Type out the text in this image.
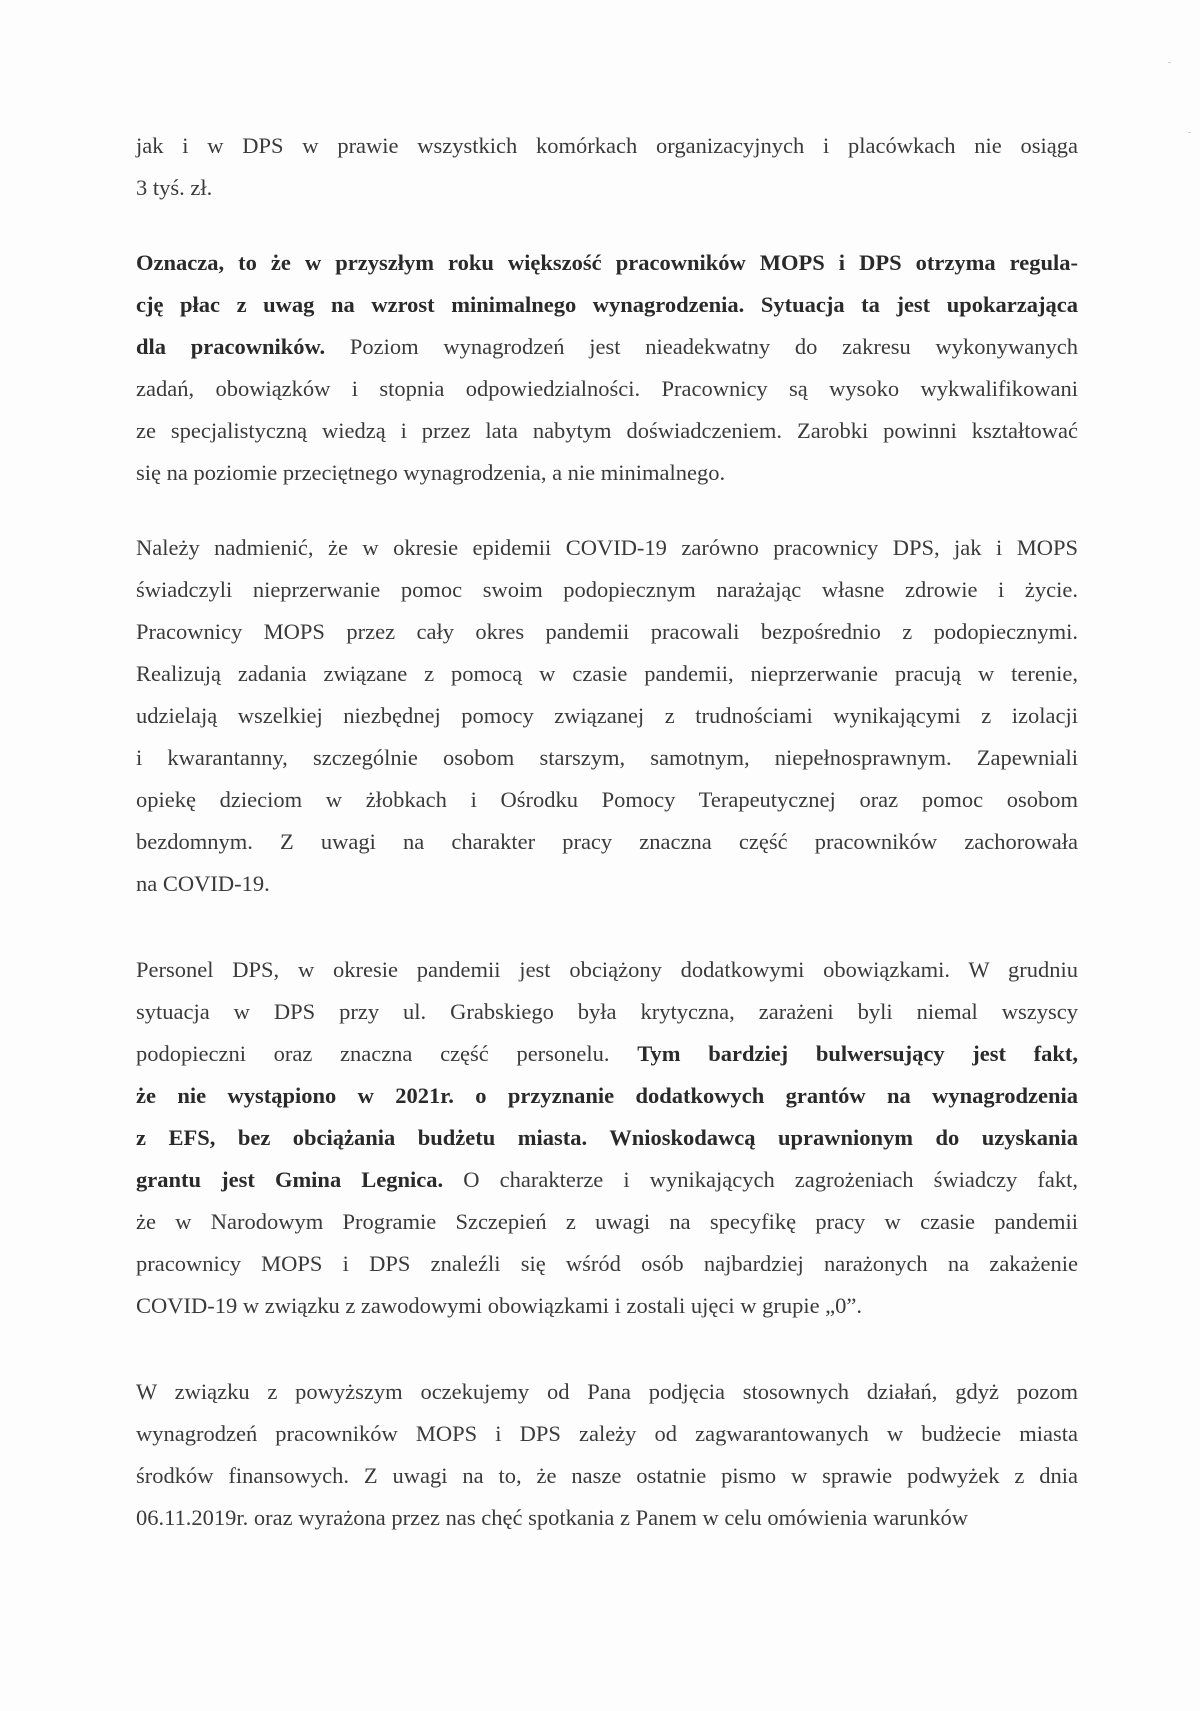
jak i w DPS w prawie wszystkich komórkach organizacyjnych i placówkach nie osiąga
3 tyś. zł.
Oznacza, to że w przyszłym roku większość pracowników MOPS i DPS otrzyma regula-
cję płac z uwag na wzrost minimalnego wynagrodzenia. Sytuacja ta jest upokarzająca
dla pracowników. Poziom wynagrodzeń jest nieadekwatny do zakresu wykonywanych
zadań, obowiązków i stopnia odpowiedzialności. Pracownicy są wysoko wykwalifikowani
ze specjalistyczną wiedzą i przez lata nabytym doświadczeniem. Zarobki powinni kształtować
się na poziomie przeciętnego wynagrodzenia, a nie minimalnego.
Należy nadmienić, że w okresie epidemii COVID-19 zarówno pracownicy DPS, jak i MOPS
świadczyli nieprzerwanie pomoc swoim podopiecznym narażając własne zdrowie i życie.
Pracownicy MOPS przez cały okres pandemii pracowali bezpośrednio z podopiecznymi.
Realizują zadania związane z pomocą w czasie pandemii, nieprzerwanie pracują w terenie,
udzielają wszelkiej niezbędnej pomocy związanej z trudnościami wynikającymi z izolacji
i kwarantanny, szczególnie osobom starszym, samotnym, niepełnosprawnym. Zapewniali
opiekę dzieciom w żłobkach i Ośrodku Pomocy Terapeutycznej oraz pomoc osobom
bezdomnym. Z uwagi na charakter pracy znaczna część pracowników zachorowała
na COVID-19.
Personel DPS, w okresie pandemii jest obciążony dodatkowymi obowiązkami. W grudniu
sytuacja w DPS przy ul. Grabskiego była krytyczna, zarażeni byli niemal wszyscy
podopieczni oraz znaczna część personelu. Tym bardziej bulwersujący jest fakt,
że nie wystąpiono w 2021r. o przyznanie dodatkowych grantów na wynagrodzenia
z EFS, bez obciążania budżetu miasta. Wnioskodawcą uprawnionym do uzyskania
grantu jest Gmina Legnica. O charakterze i wynikających zagrożeniach świadczy fakt,
że w Narodowym Programie Szczepień z uwagi na specyfikę pracy w czasie pandemii
pracownicy MOPS i DPS znaleźli się wśród osób najbardziej narażonych na zakażenie
COVID-19 w związku z zawodowymi obowiązkami i zostali ujęci w grupie „0”.
W związku z powyższym oczekujemy od Pana podjęcia stosownych działań, gdyż pozom
wynagrodzeń pracowników MOPS i DPS zależy od zagwarantowanych w budżecie miasta
środków finansowych. Z uwagi na to, że nasze ostatnie pismo w sprawie podwyżek z dnia
06.11.2019r. oraz wyrażona przez nas chęć spotkania z Panem w celu omówienia warunków
